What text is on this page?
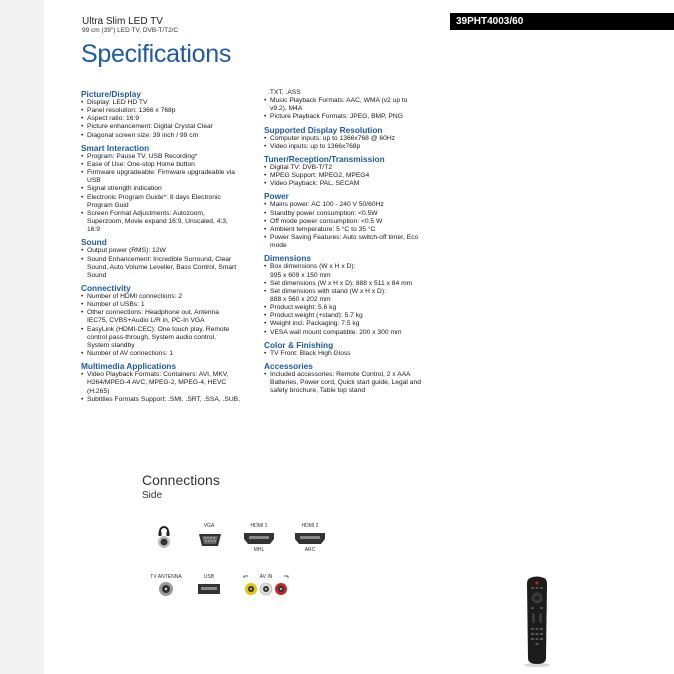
Ultra Slim LED TV
99 cm (39") LED TV, DVB-T/T2/C
39PHT4003/60
Specifications
Picture/Display
• Display: LED HD TV
• Panel resolution: 1366 x 768p
• Aspect ratio: 16:9
• Picture enhancement: Digital Crystal Clear
• Diagonal screen size: 39 inch / 99 cm
Smart Interaction
• Program: Pause TV, USB Recording*
• Ease of Use: One-stop Home button
• Firmware upgradeable: Firmware upgradeable via
USB
• Signal strength indication
• Electronic Program Guide*: 8 days Electronic
Program Guid
• Screen Format Adjustments: Autozoom,
Superzoom, Movie expand 16:9, Unscaled, 4:3,
16:9
Sound
• Output power (RMS): 12W
• Sound Enhancement: Incredible Surround, Clear
Sound, Auto Volume Leveller, Bass Control, Smart
Sound
Connectivity
• Number of HDMI connections: 2
• Number of USBs: 1
• Other connections: Headphone out, Antenna
IEC75, CVBS+Audio L/R in, PC-In VGA
• EasyLink (HDMI-CEC): One touch play, Remote
control pass-through, System audio control,
System standby
• Number of AV connections: 1
Multimedia Applications
• Video Playback Formats: Containers: AVI, MKV,
H264/MPEG-4 AVC, MPEG-2, MPEG-4, HEVC
(H.265)
• Subtitles Formats Support: .SMI, .SRT, .SSA, .SUB,
.TXT, .ASS
• Music Playback Formats: AAC, WMA (v2 up to
v9.2), M4A
• Picture Playback Formats: JPEG, BMP, PNG
Supported Display Resolution
• Computer inputs: up to 1366x768 @ 60Hz
• Video inputs: up to 1366x768p
Tuner/Reception/Transmission
• Digital TV: DVB-T/T2
• MPEG Support: MPEG2, MPEG4
• Video Playback: PAL, SECAM
Power
• Mains power: AC 100 - 240 V 50/60Hz
• Standby power consumption: <0.5W
• Off mode power consumption: <0.5 W
• Ambient temperature: 5 °C to 35 °C
• Power Saving Features: Auto switch-off timer, Eco
mode
Dimensions
• Box dimensions (W x H x D):
995 x 609 x 150 mm
• Set dimensions (W x H x D): 888 x 511 x 84 mm
• Set dimensions with stand (W x H x D):
888 x 560 x 202 mm
• Product weight: 5.6 kg
• Product weight (+stand): 5.7 kg
• Weight incl. Packaging: 7.5 kg
• VESA wall mount compatible: 200 x 300 mm
Color & Finishing
• TV Front: Black High Gloss
Accessories
• Included accessories: Remote Control, 2 x AAA
Batteries, Power cord, Quick start guide, Legal and
safety brochure, Table top stand
Connections
Side
VGA	HDMI 1
MHL
HDMI 2
ARC
TV ANTENNA	USB	AV IN
